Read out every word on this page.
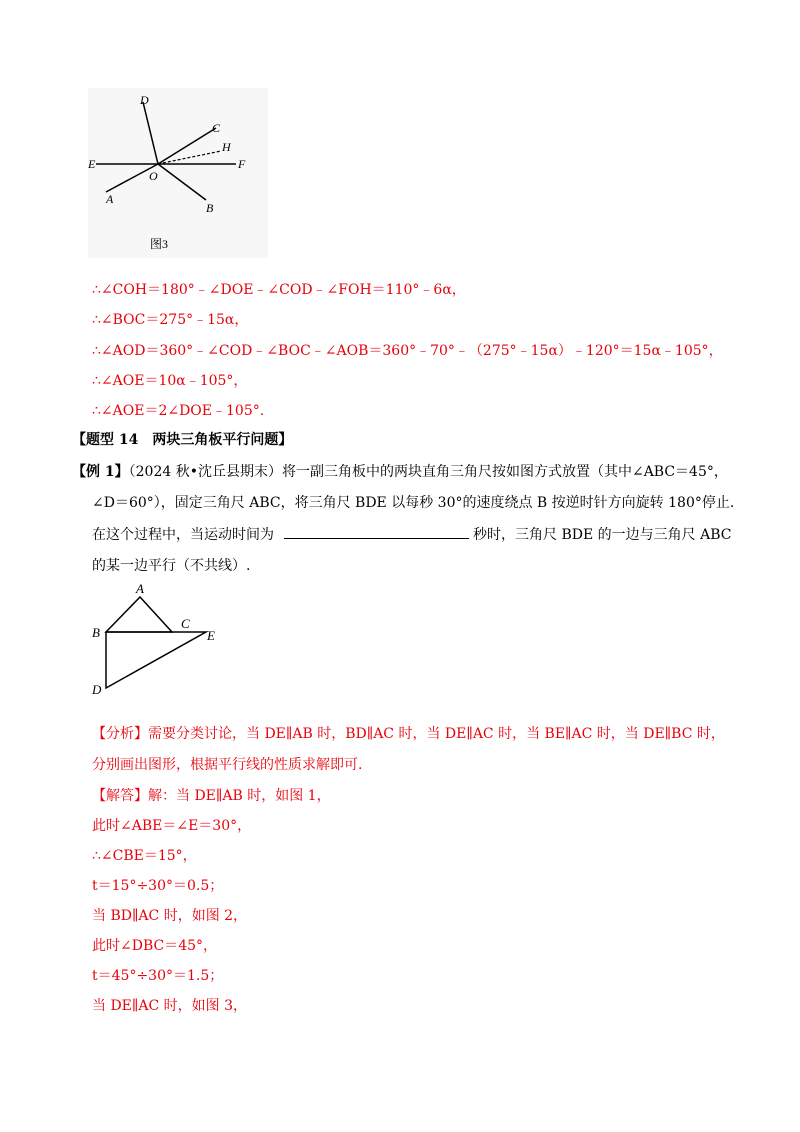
D
C
H
E
O
F
A
B
图3
∴∠COH＝180°﹣∠DOE﹣∠COD﹣∠FOH＝110°﹣6α，
∴∠BOC＝275°﹣15α，
∴∠AOD＝360°﹣∠COD﹣∠BOC﹣∠AOB＝360°﹣70°﹣（275°﹣15α）﹣120°＝15α﹣105°，
∴∠AOE＝10α﹣105°，
∴∠AOE＝2∠DOE﹣105°.
【题型 14　两块三角板平行问题】
【例 1】（2024 秋•沈丘县期末）将一副三角板中的两块直角三角尺按如图方式放置（其中∠ABC＝45°，
∠D＝60°），固定三角尺 ABC，将三角尺 BDE 以每秒 30°的速度绕点 B 按逆时针方向旋转 180°停止.
在这个过程中，当运动时间为	秒时，三角尺 BDE 的一边与三角尺 ABC
的某一边平行（不共线）.
A
B
C
E
D
【分析】需要分类讨论，当 DE∥AB 时，BD∥AC 时，当 DE∥AC 时，当 BE∥AC 时，当 DE∥BC 时，
分别画出图形，根据平行线的性质求解即可.
【解答】解：当 DE∥AB 时，如图 1，
此时∠ABE＝∠E＝30°，
∴∠CBE＝15°，
t＝15°÷30°＝0.5；
当 BD∥AC 时，如图 2，
此时∠DBC＝45°，
t＝45°÷30°＝1.5；
当 DE∥AC 时，如图 3，
